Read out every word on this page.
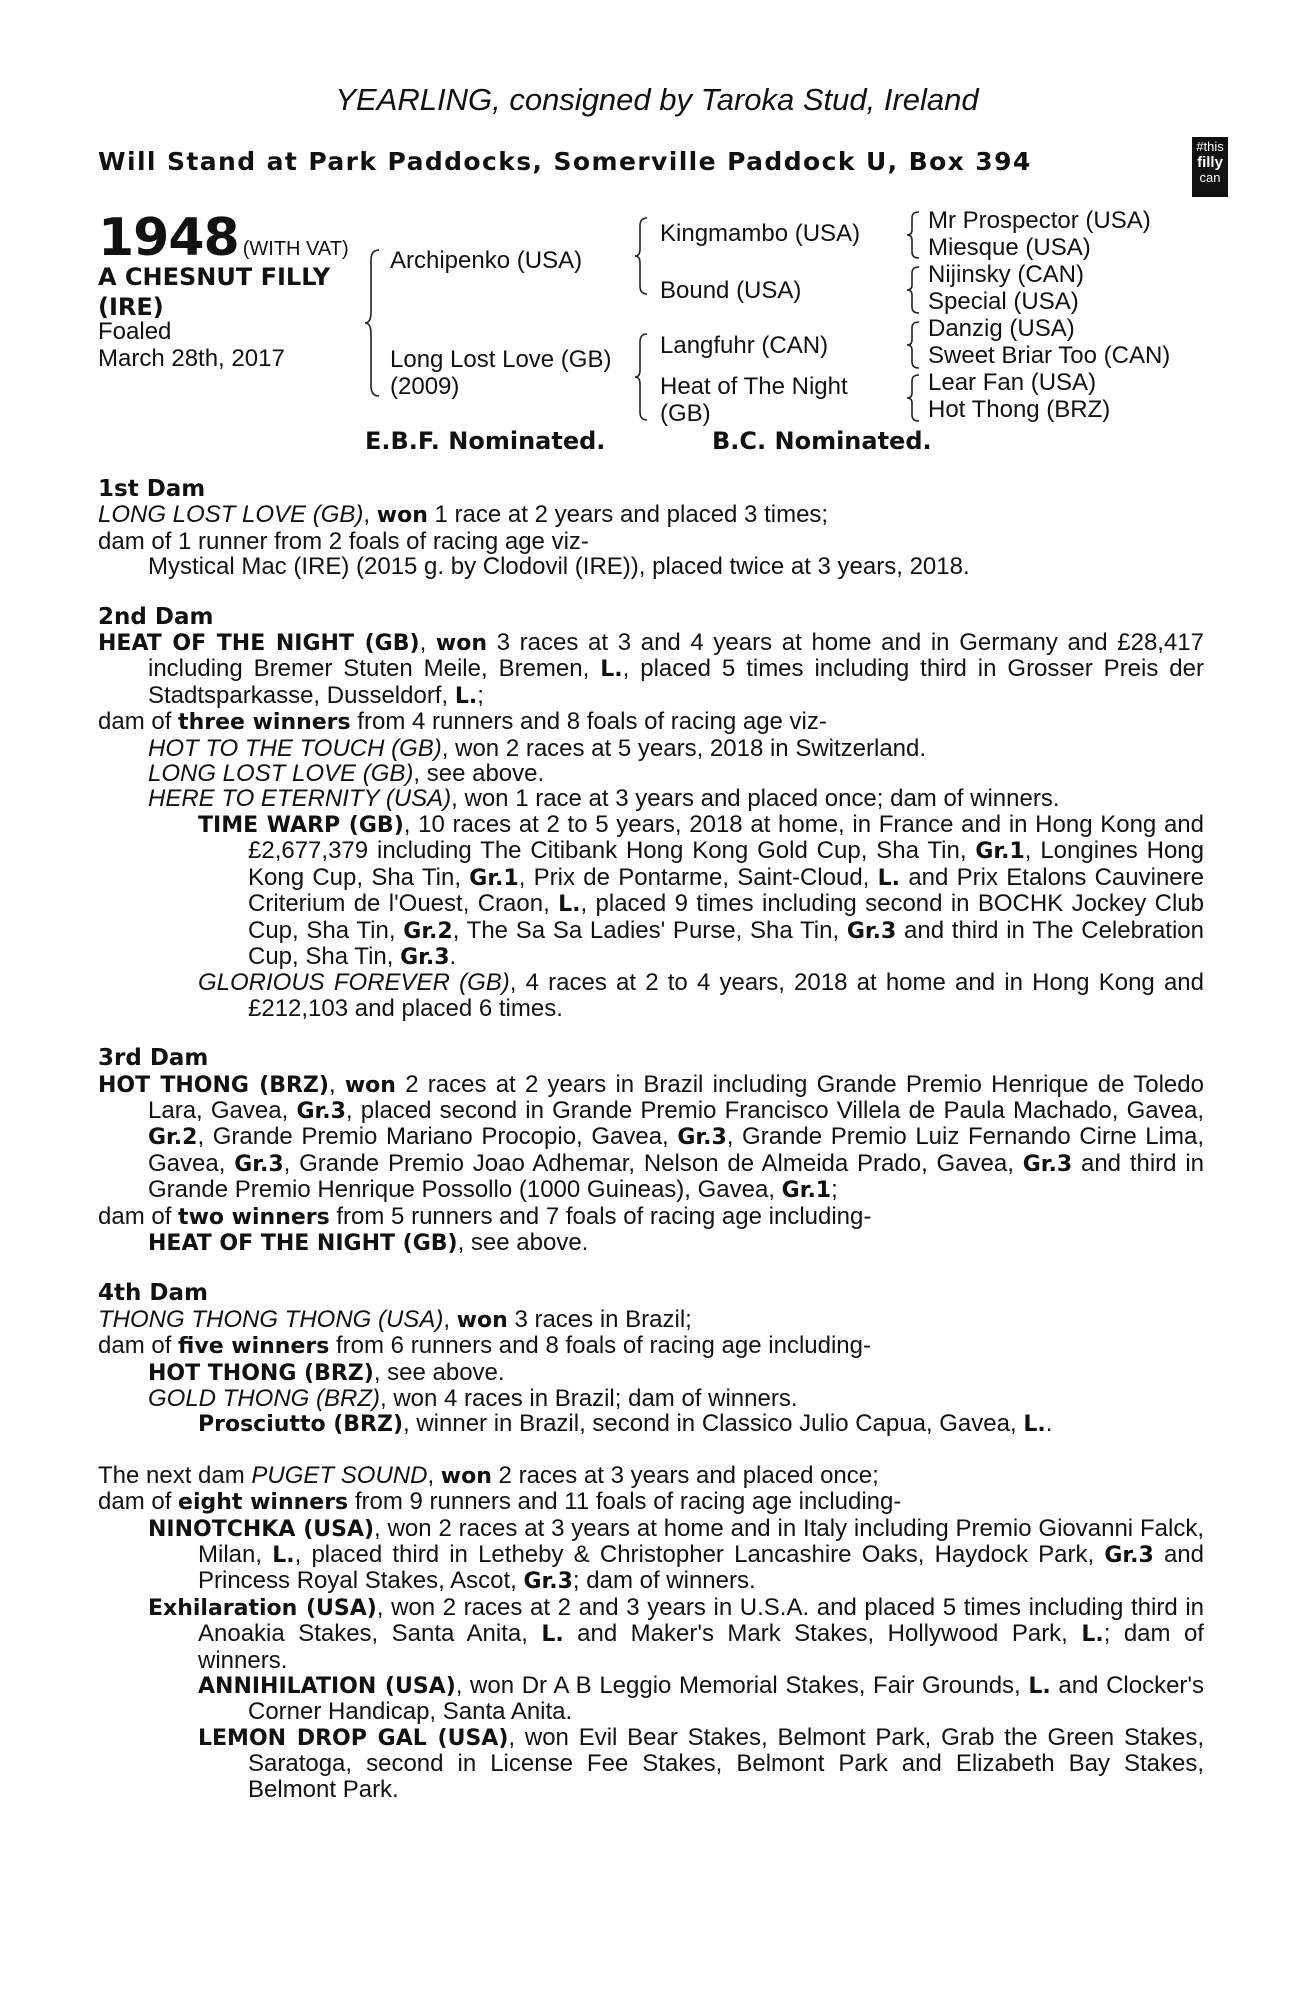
YEARLING, consigned by Taroka Stud, Ireland
Will Stand at Park Paddocks, Somerville Paddock U, Box 394
#this
filly
can
1948 (WITH VAT)
A CHESNUT FILLY
(IRE)
Foaled
March 28th, 2017
Archipenko (USA)
Long Lost Love (GB)
(2009)
Kingmambo (USA)
Bound (USA)
Langfuhr (CAN)
Heat of The Night
(GB)
Mr Prospector (USA)
Miesque (USA)
Nijinsky (CAN)
Special (USA)
Danzig (USA)
Sweet Briar Too (CAN)
Lear Fan (USA)
Hot Thong (BRZ)
E.B.F. Nominated.	B.C. Nominated.

1st Dam

LONG LOST LOVE (GB), won 1 race at 2 years and placed 3 times;

dam of 1 runner from 2 foals of racing age viz-

Mystical Mac (IRE) (2015 g. by Clodovil (IRE)), placed twice at 3 years, 2018.

2nd Dam

HEAT OF THE NIGHT (GB), won 3 races at 3 and 4 years at home and in Germany and £28,417 including Bremer Stuten Meile, Bremen, L., placed 5 times including third in Grosser Preis der Stadtsparkasse, Dusseldorf, L.;

dam of three winners from 4 runners and 8 foals of racing age viz-

HOT TO THE TOUCH (GB), won 2 races at 5 years, 2018 in Switzerland.

LONG LOST LOVE (GB), see above.

HERE TO ETERNITY (USA), won 1 race at 3 years and placed once; dam of winners.

TIME WARP (GB), 10 races at 2 to 5 years, 2018 at home, in France and in Hong Kong and £2,677,379 including The Citibank Hong Kong Gold Cup, Sha Tin, Gr.1, Longines Hong Kong Cup, Sha Tin, Gr.1, Prix de Pontarme, Saint-Cloud, L. and Prix Etalons Cauvinere Criterium de l'Ouest, Craon, L., placed 9 times including second in BOCHK Jockey Club Cup, Sha Tin, Gr.2, The Sa Sa Ladies' Purse, Sha Tin, Gr.3 and third in The Celebration Cup, Sha Tin, Gr.3.

GLORIOUS FOREVER (GB), 4 races at 2 to 4 years, 2018 at home and in Hong Kong and £212,103 and placed 6 times.

3rd Dam

HOT THONG (BRZ), won 2 races at 2 years in Brazil including Grande Premio Henrique de Toledo Lara, Gavea, Gr.3, placed second in Grande Premio Francisco Villela de Paula Machado, Gavea, Gr.2, Grande Premio Mariano Procopio, Gavea, Gr.3, Grande Premio Luiz Fernando Cirne Lima, Gavea, Gr.3, Grande Premio Joao Adhemar, Nelson de Almeida Prado, Gavea, Gr.3 and third in Grande Premio Henrique Possollo (1000 Guineas), Gavea, Gr.1;

dam of two winners from 5 runners and 7 foals of racing age including-

HEAT OF THE NIGHT (GB), see above.

4th Dam

THONG THONG THONG (USA), won 3 races in Brazil;

dam of five winners from 6 runners and 8 foals of racing age including-

HOT THONG (BRZ), see above.

GOLD THONG (BRZ), won 4 races in Brazil; dam of winners.

Prosciutto (BRZ), winner in Brazil, second in Classico Julio Capua, Gavea, L..

The next dam PUGET SOUND, won 2 races at 3 years and placed once;

dam of eight winners from 9 runners and 11 foals of racing age including-

NINOTCHKA (USA), won 2 races at 3 years at home and in Italy including Premio Giovanni Falck, Milan, L., placed third in Letheby & Christopher Lancashire Oaks, Haydock Park, Gr.3 and Princess Royal Stakes, Ascot, Gr.3; dam of winners.

Exhilaration (USA), won 2 races at 2 and 3 years in U.S.A. and placed 5 times including third in Anoakia Stakes, Santa Anita, L. and Maker's Mark Stakes, Hollywood Park, L.; dam of winners.

ANNIHILATION (USA), won Dr A B Leggio Memorial Stakes, Fair Grounds, L. and Clocker's Corner Handicap, Santa Anita.

LEMON DROP GAL (USA), won Evil Bear Stakes, Belmont Park, Grab the Green Stakes, Saratoga, second in License Fee Stakes, Belmont Park and Elizabeth Bay Stakes, Belmont Park.
